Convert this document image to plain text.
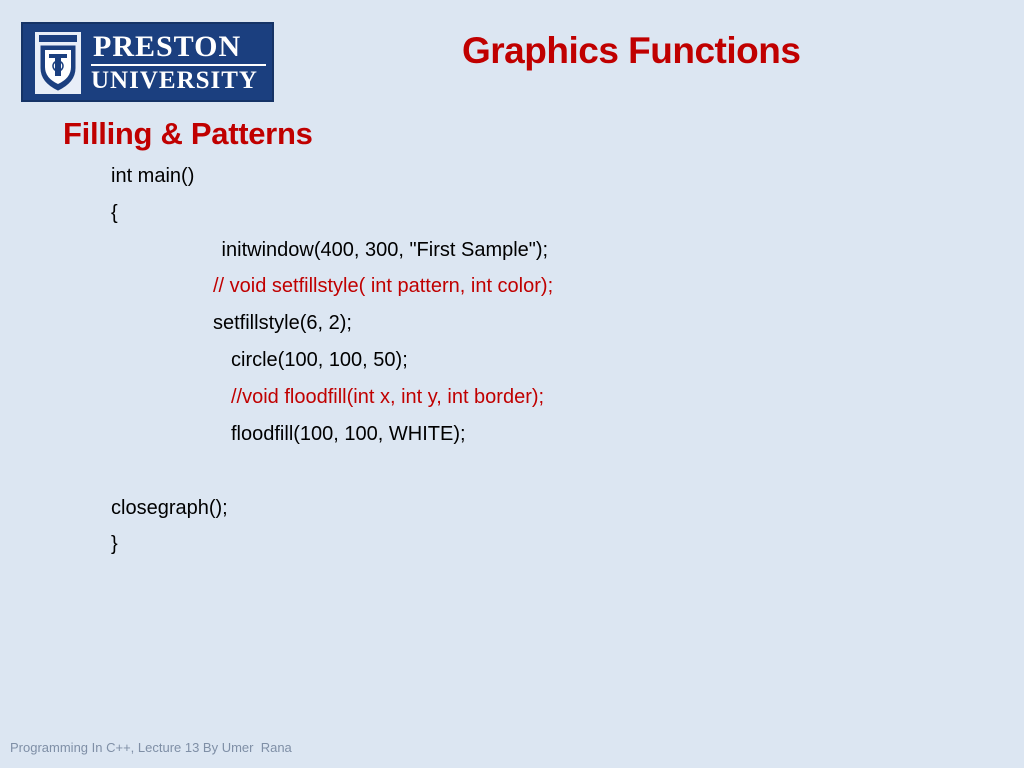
PRESTON
UNIVERSITY
Graphics Functions
Filling & Patterns
int main()
{
initwindow(400, 300, "First Sample");
// void setfillstyle( int pattern, int color);
setfillstyle(6, 2);
circle(100, 100, 50);
//void floodfill(int x, int y, int border);
floodfill(100, 100, WHITE);
closegraph();
}
Programming In C++, Lecture 13 By Umer  Rana
